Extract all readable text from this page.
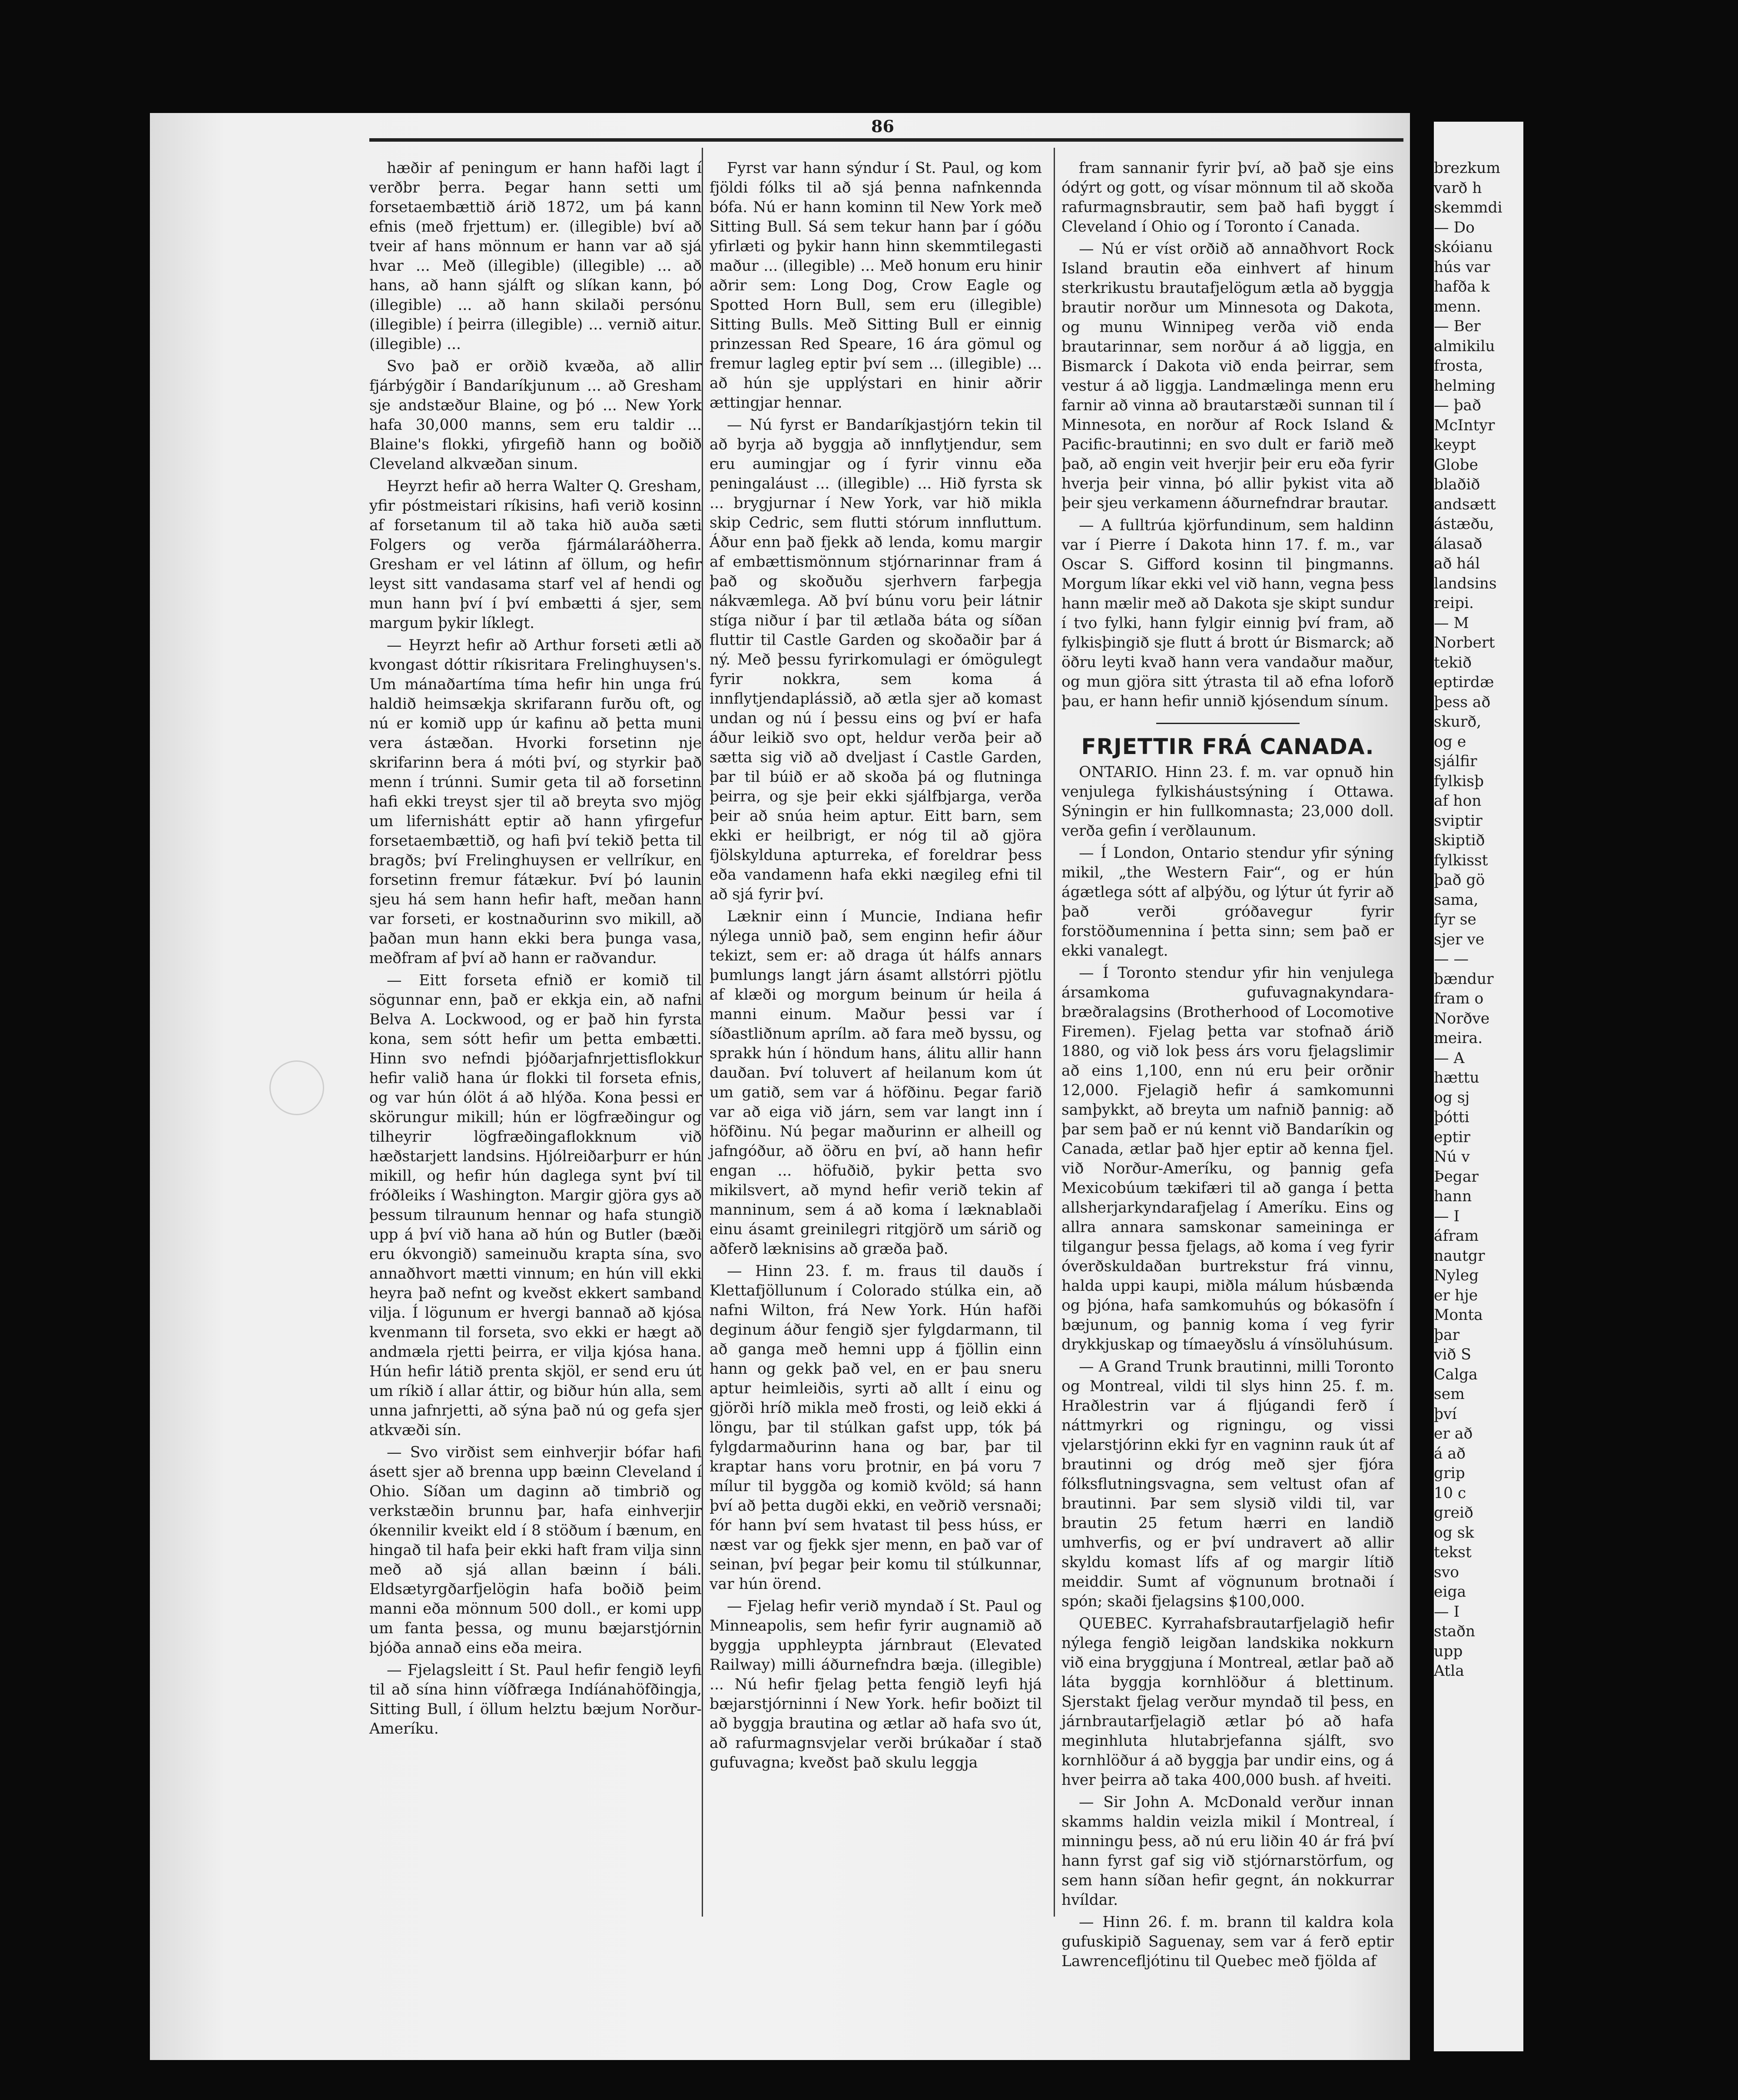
86

hæðir af peningum er hann hafði lagt í verðbr þerra. Þegar hann setti um forsetaembættið árið 1872, um þá kann efnis (með frjettum) er. (illegible) bví að tveir af hans mönnum er hann var að sjá hvar ... Með (illegible) (illegible) ... að hans, að hann sjálft og slíkan kann, þó (illegible) ... að hann skilaði persónu (illegible) í þeirra (illegible) ... vernið aitur. (illegible) ...

Svo það er orðið kvæða, að allir fjárbýgðir í Bandaríkjunum ... að Gresham sje andstæður Blaine, og þó ... New York hafa 30,000 manns, sem eru taldir ... Blaine's flokki, yfirgefið hann og boðið Cleveland alkvæðan sinum.

Heyrzt hefir að herra Walter Q. Gresham, yfir póstmeistari ríkisins, hafi verið kosinn af forsetanum til að taka hið auða sæti Folgers og verða fjármálaráðherra. Gresham er vel látinn af öllum, og hefir leyst sitt vandasama starf vel af hendi og mun hann því í því embætti á sjer, sem margum þykir líklegt.

— Heyrzt hefir að Arthur forseti ætli að kvongast dóttir ríkisritara Frelinghuysen's. Um mánaðartíma tíma hefir hin unga frú haldið heimsækja skrifarann furðu oft, og nú er komið upp úr kafinu að þetta muni vera ástæðan. Hvorki forsetinn nje skrifarinn bera á móti því, og styrkir það menn í trúnni. Sumir geta til að forsetinn hafi ekki treyst sjer til að breyta svo mjög um lifernishátt eptir að hann yfirgefur forsetaembættið, og hafi því tekið þetta til bragðs; því Frelinghuysen er vellríkur, en forsetinn fremur fátækur. Því þó launin sjeu há sem hann hefir haft, meðan hann var forseti, er kostnaðurinn svo mikill, að þaðan mun hann ekki bera þunga vasa, meðfram af því að hann er raðvandur.

— Eitt forseta efnið er komið til sögunnar enn, það er ekkja ein, að nafni Belva A. Lockwood, og er það hin fyrsta kona, sem sótt hefir um þetta embætti. Hinn svo nefndi þjóðarjafnrjettisflokkur hefir valið hana úr flokki til forseta efnis, og var hún ólöt á að hlýða. Kona þessi er skörungur mikill; hún er lögfræðingur og tilheyrir lögfræðingaflokknum við hæðstarjett landsins. Hjólreiðarþurr er hún mikill, og hefir hún daglega synt því til fróðleiks í Washington. Margir gjöra gys að þessum tilraunum hennar og hafa stungið upp á því við hana að hún og Butler (bæði eru ókvongið) sameinuðu krapta sína, svo annaðhvort mætti vinnum; en hún vill ekki heyra það nefnt og kveðst ekkert samband vilja. Í lögunum er hvergi bannað að kjósa kvenmann til forseta, svo ekki er hægt að andmæla rjetti þeirra, er vilja kjósa hana. Hún hefir látið prenta skjöl, er send eru út um ríkið í allar áttir, og biður hún alla, sem unna jafnrjetti, að sýna það nú og gefa sjer atkvæði sín.

— Svo virðist sem einhverjir bófar hafi ásett sjer að brenna upp bæinn Cleveland í Ohio. Síðan um daginn að timbrið og verkstæðin brunnu þar, hafa einhverjir ókennilir kveikt eld í 8 stöðum í bænum, en hingað til hafa þeir ekki haft fram vilja sinn með að sjá allan bæinn í báli. Eldsætyrgðarfjelögin hafa boðið þeim manni eða mönnum 500 doll., er komi upp um fanta þessa, og munu bæjarstjórnin bjóða annað eins eða meira.

— Fjelagsleitt í St. Paul hefir fengið leyfi til að sína hinn víðfræga Indíánahöfðingja, Sitting Bull, í öllum helztu bæjum Norður-Ameríku.

Fyrst var hann sýndur í St. Paul, og kom fjöldi fólks til að sjá þenna nafnkennda bófa. Nú er hann kominn til New York með Sitting Bull. Sá sem tekur hann þar í góðu yfirlæti og þykir hann hinn skemmtilegasti maður ... (illegible) ... Með honum eru hinir aðrir sem: Long Dog, Crow Eagle og Spotted Horn Bull, sem eru (illegible) Sitting Bulls. Með Sitting Bull er einnig prinzessan Red Speare, 16 ára gömul og fremur lagleg eptir því sem ... (illegible) ... að hún sje upplýstari en hinir aðrir ættingjar hennar.

— Nú fyrst er Bandaríkjastjórn tekin til að byrja að byggja að innflytjendur, sem eru aumingjar og í fyrir vinnu eða peningaláust ... (illegible) ... Hið fyrsta sk ... brygjurnar í New York, var hið mikla skip Cedric, sem flutti stórum innfluttum. Áður enn það fjekk að lenda, komu margir af embættismönnum stjórnarinnar fram á það og skoðuðu sjerhvern farþegja nákvæmlega. Að því búnu voru þeir látnir stíga niður í þar til ætlaða báta og síðan fluttir til Castle Garden og skoðaðir þar á ný. Með þessu fyrirkomulagi er ómögulegt fyrir nokkra, sem koma á innflytjendaplássið, að ætla sjer að komast undan og nú í þessu eins og því er hafa áður leikið svo opt, heldur verða þeir að sætta sig við að dveljast í Castle Garden, þar til búið er að skoða þá og flutninga þeirra, og sje þeir ekki sjálfbjarga, verða þeir að snúa heim aptur. Eitt barn, sem ekki er heilbrigt, er nóg til að gjöra fjölskylduna apturreka, ef foreldrar þess eða vandamenn hafa ekki nægileg efni til að sjá fyrir því.

Læknir einn í Muncie, Indiana hefir nýlega unnið það, sem enginn hefir áður tekizt, sem er: að draga út hálfs annars þumlungs langt járn ásamt allstórri pjötlu af klæði og morgum beinum úr heila á manni einum. Maður þessi var í síðastliðnum aprílm. að fara með byssu, og sprakk hún í höndum hans, álitu allir hann dauðan. Því toluvert af heilanum kom út um gatið, sem var á höfðinu. Þegar farið var að eiga við járn, sem var langt inn í höfðinu. Nú þegar maðurinn er alheill og jafngóður, að öðru en því, að hann hefir engan ... höfuðið, þykir þetta svo mikilsvert, að mynd hefir verið tekin af manninum, sem á að koma í læknablaði einu ásamt greinilegri ritgjörð um sárið og aðferð læknisins að græða það.

— Hinn 23. f. m. fraus til dauðs í Klettafjöllunum í Colorado stúlka ein, að nafni Wilton, frá New York. Hún hafði deginum áður fengið sjer fylgdarmann, til að ganga með hemni upp á fjöllin einn hann og gekk það vel, en er þau sneru aptur heimleiðis, syrti að allt í einu og gjörði hríð mikla með frosti, og leið ekki á löngu, þar til stúlkan gafst upp, tók þá fylgdarmaðurinn hana og bar, þar til kraptar hans voru þrotnir, en þá voru 7 mílur til byggða og komið kvöld; sá hann því að þetta dugði ekki, en veðrið versnaði; fór hann því sem hvatast til þess húss, er næst var og fjekk sjer menn, en það var of seinan, því þegar þeir komu til stúlkunnar, var hún örend.

— Fjelag hefir verið myndað í St. Paul og Minneapolis, sem hefir fyrir augnamið að byggja upphleypta járnbraut (Elevated Railway) milli áðurnefndra bæja. (illegible) ... Nú hefir fjelag þetta fengið leyfi hjá bæjarstjórninni í New York. hefir boðizt til að byggja brautina og ætlar að hafa svo út, að rafurmagnsvjelar verði brúkaðar í stað gufuvagna; kveðst það skulu leggja

fram sannanir fyrir því, að það sje eins ódýrt og gott, og vísar mönnum til að skoða rafurmagnsbrautir, sem það hafi byggt í Cleveland í Ohio og í Toronto í Canada.

— Nú er víst orðið að annaðhvort Rock Island brautin eða einhvert af hinum sterkrikustu brautafjelögum ætla að byggja brautir norður um Minnesota og Dakota, og munu Winnipeg verða við enda brautarinnar, sem norður á að liggja, en Bismarck í Dakota við enda þeirrar, sem vestur á að liggja. Landmælinga menn eru farnir að vinna að brautarstæði sunnan til í Minnesota, en norður af Rock Island & Pacific-brautinni; en svo dult er farið með það, að engin veit hverjir þeir eru eða fyrir hverja þeir vinna, þó allir þykist vita að þeir sjeu verkamenn áðurnefndrar brautar.

— A fulltrúa kjörfundinum, sem haldinn var í Pierre í Dakota hinn 17. f. m., var Oscar S. Gifford kosinn til þingmanns. Morgum líkar ekki vel við hann, vegna þess hann mælir með að Dakota sje skipt sundur í tvo fylki, hann fylgir einnig því fram, að fylkisþingið sje flutt á brott úr Bismarck; að öðru leyti kvað hann vera vandaður maður, og mun gjöra sitt ýtrasta til að efna loforð þau, er hann hefir unnið kjósendum sínum.

FRJETTIR FRÁ CANADA.

ONTARIO. Hinn 23. f. m. var opnuð hin venjulega fylkisháustsýning í Ottawa. Sýningin er hin fullkomnasta; 23,000 doll. verða gefin í verðlaunum.

— Í London, Ontario stendur yfir sýning mikil, „the Western Fair“, og er hún ágætlega sótt af alþýðu, og lýtur út fyrir að það verði gróðavegur fyrir forstöðumennina í þetta sinn; sem það er ekki vanalegt.

— Í Toronto stendur yfir hin venjulega ársamkoma gufuvagnakyndara-bræðralagsins (Brotherhood of Locomotive Firemen). Fjelag þetta var stofnað árið 1880, og við lok þess árs voru fjelagslimir að eins 1,100, enn nú eru þeir orðnir 12,000. Fjelagið hefir á samkomunni samþykkt, að breyta um nafnið þannig: að þar sem það er nú kennt við Bandaríkin og Canada, ætlar það hjer eptir að kenna fjel. við Norður-Ameríku, og þannig gefa Mexicobúum tækifæri til að ganga í þetta allsherjarkyndarafjelag í Ameríku. Eins og allra annara samskonar sameininga er tilgangur þessa fjelags, að koma í veg fyrir óverðskuldaðan burtrekstur frá vinnu, halda uppi kaupi, miðla málum húsbænda og þjóna, hafa samkomuhús og bókasöfn í bæjunum, og þannig koma í veg fyrir drykkjuskap og tímaeyðslu á vínsöluhúsum.

— A Grand Trunk brautinni, milli Toronto og Montreal, vildi til slys hinn 25. f. m. Hraðlestrin var á fljúgandi ferð í náttmyrkri og rigningu, og vissi vjelarstjórinn ekki fyr en vagninn rauk út af brautinni og dróg með sjer fjóra fólksflutningsvagna, sem veltust ofan af brautinni. Þar sem slysið vildi til, var brautin 25 fetum hærri en landið umhverfis, og er því undravert að allir skyldu komast lífs af og margir lítið meiddir. Sumt af vögnunum brotnaði í spón; skaði fjelagsins $100,000.

QUEBEC. Kyrrahafsbrautarfjelagið hefir nýlega fengið leigðan landskika nokkurn við eina bryggjuna í Montreal, ætlar það að láta byggja kornhlöður á blettinum. Sjerstakt fjelag verður myndað til þess, en járnbrautarfjelagið ætlar þó að hafa meginhluta hlutabrjefanna sjálft, svo kornhlöður á að byggja þar undir eins, og á hver þeirra að taka 400,000 bush. af hveiti.

— Sir John A. McDonald verður innan skamms haldin veizla mikil í Montreal, í minningu þess, að nú eru liðin 40 ár frá því hann fyrst gaf sig við stjórnarstörfum, og sem hann síðan hefir gegnt, án nokkurrar hvíldar.

— Hinn 26. f. m. brann til kaldra kola gufuskipið Saguenay, sem var á ferð eptir Lawrencefljótinu til Quebec með fjölda af

brezkum
varð h
skemmdi
— Do
skóianu
hús var
hafða k
menn.
— Ber
almikilu
frosta,
helming
— það
McIntyr
keypt
Globe
blaðið
andsætt
ástæðu,
álasað
að hál
landsins
reipi.
— M
Norbert
tekið
eptirdæ
þess að
skurð,
og e
sjálfir
fylkisþ
af hon
sviptir
skiptið
fylkisst
það gö
sama,
fyr se
sjer ve
— —
bændur
fram o
Norðve
meira.
— A
hættu
og sj
þótti
eptir
Nú v
Þegar
hann
— I
áfram
nautgr
Nyleg
er hje
Monta
þar
við S
Calga
sem
því
er að
á að
grip
10 c
greið
og sk
tekst
svo
eiga
— I
staðn
upp
Atla
